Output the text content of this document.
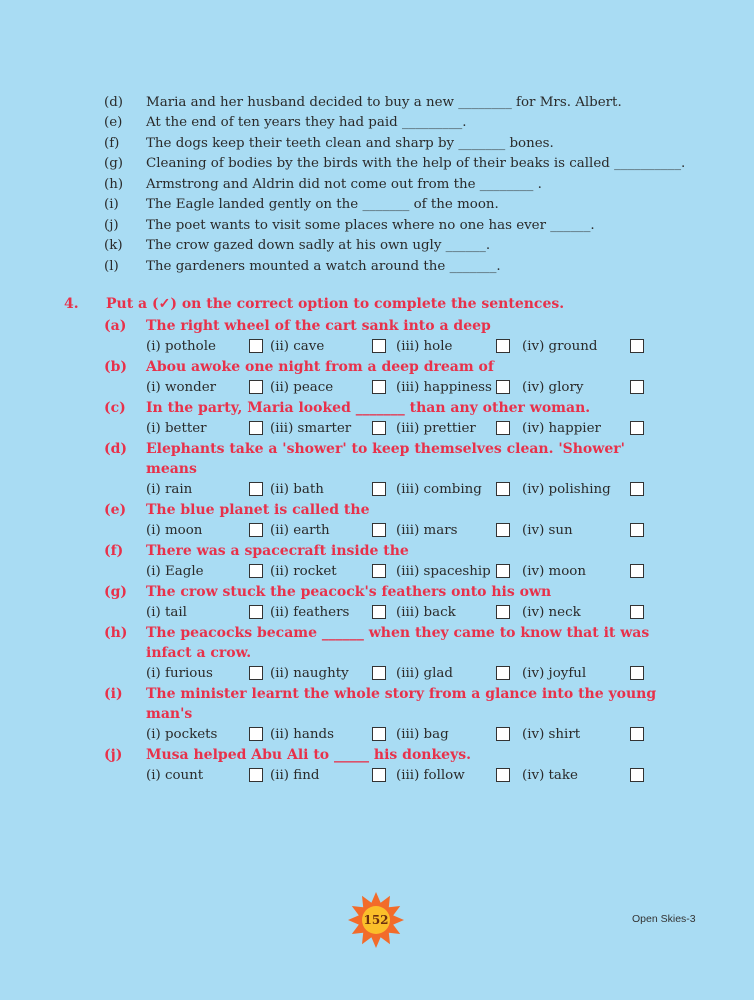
(d)	Maria and her husband decided to buy a new ________ for Mrs. Albert.
(e)	At the end of ten years they had paid _________.
(f)	The dogs keep their teeth clean and sharp by _______ bones.
(g)	Cleaning of bodies by the birds with the help of their beaks is called __________.
(h)	Armstrong and Aldrin did not come out from the ________ .
(i)	The Eagle landed gently on the _______ of the moon.
(j)	The poet wants to visit some places where no one has ever ______.
(k)	The crow gazed down sadly at his own ugly ______.
(l)	The gardeners mounted a watch around the _______.
4.	Put a (✓) on the correct option to complete the sentences.
(a)	The right wheel of the cart sank into a deep
(i) pothole	(ii) cave	(iii) hole	(iv) ground
(b)	Abou awoke one night from a deep dream of
(i) wonder	(ii) peace	(iii) happiness (iv) glory
(c)	In the party, Maria looked _______ than any other woman.
(i) better	(iii) smarter	(iii) prettier	(iv) happier
(d)	Elephants take a 'shower' to keep themselves clean. 'Shower' means
(i) rain	(ii) bath	(iii) combing	(iv) polishing
(e)	The blue planet is called the
(i) moon	(ii) earth	(iii) mars	(iv) sun
(f)	There was a spacecraft inside the
(i) Eagle	(ii) rocket	(iii) spaceship (iv) moon
(g)	The crow stuck the peacock's feathers onto his own
(i) tail	(ii) feathers	(iii) back	(iv) neck
(h)	The peacocks became ______ when they came to know that it was infact a crow.
(i) furious	(ii) naughty	(iii) glad	(iv) joyful
(i)	The minister learnt the whole story from a glance into the young man's
(i) pockets	(ii) hands	(iii) bag	(iv) shirt
(j)	Musa helped Abu Ali to _____ his donkeys.
(i) count	(ii) find	(iii) follow	(iv) take
152	Open Skies-3
